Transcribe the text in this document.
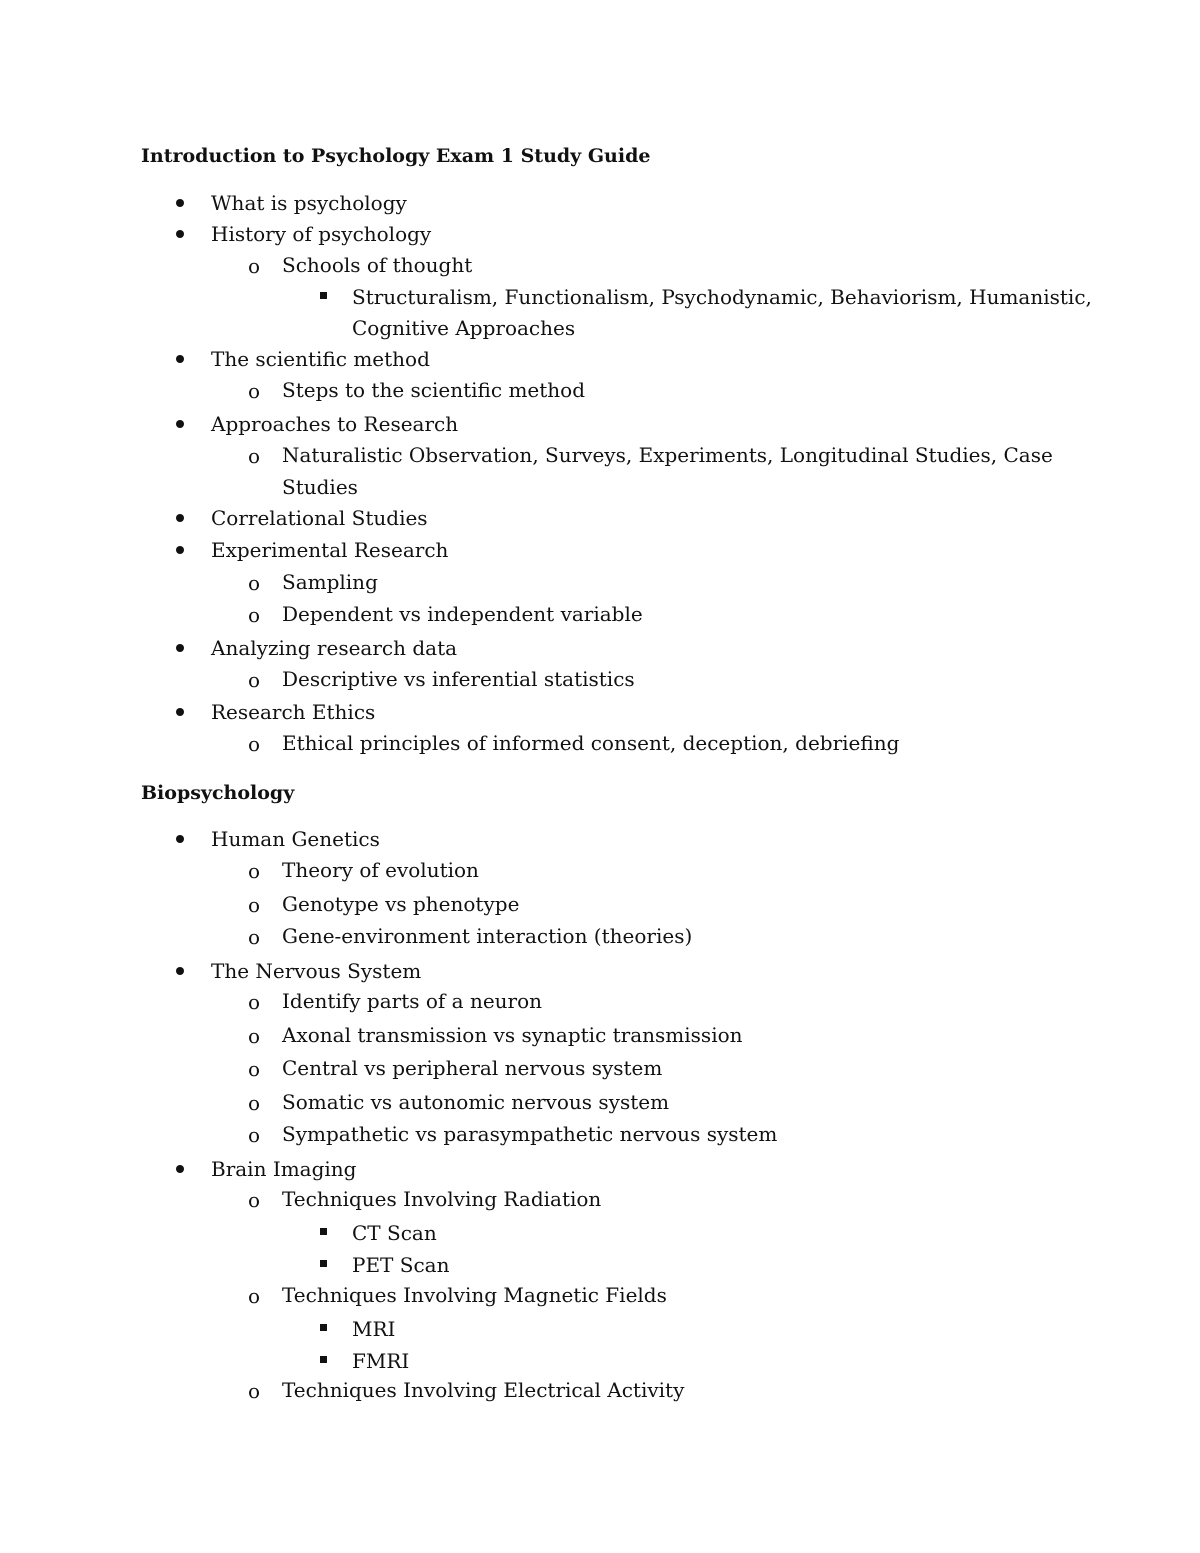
Introduction to Psychology Exam 1 Study Guide

What is psychology

History of psychology

o Schools of thought

Structuralism, Functionalism, Psychodynamic, Behaviorism, Humanistic,

Cognitive Approaches

The scientific method

o Steps to the scientific method

Approaches to Research

o Naturalistic Observation, Surveys, Experiments, Longitudinal Studies, Case

Studies

Correlational Studies

Experimental Research

o Sampling

o Dependent vs independent variable

Analyzing research data

o Descriptive vs inferential statistics

Research Ethics

o Ethical principles of informed consent, deception, debriefing

Biopsychology

Human Genetics

o Theory of evolution

o Genotype vs phenotype

o Gene-environment interaction (theories)

The Nervous System

o Identify parts of a neuron

o Axonal transmission vs synaptic transmission

o Central vs peripheral nervous system

o Somatic vs autonomic nervous system

o Sympathetic vs parasympathetic nervous system

Brain Imaging

o Techniques Involving Radiation

CT Scan

PET Scan

o Techniques Involving Magnetic Fields

MRI

FMRI

o Techniques Involving Electrical Activity
